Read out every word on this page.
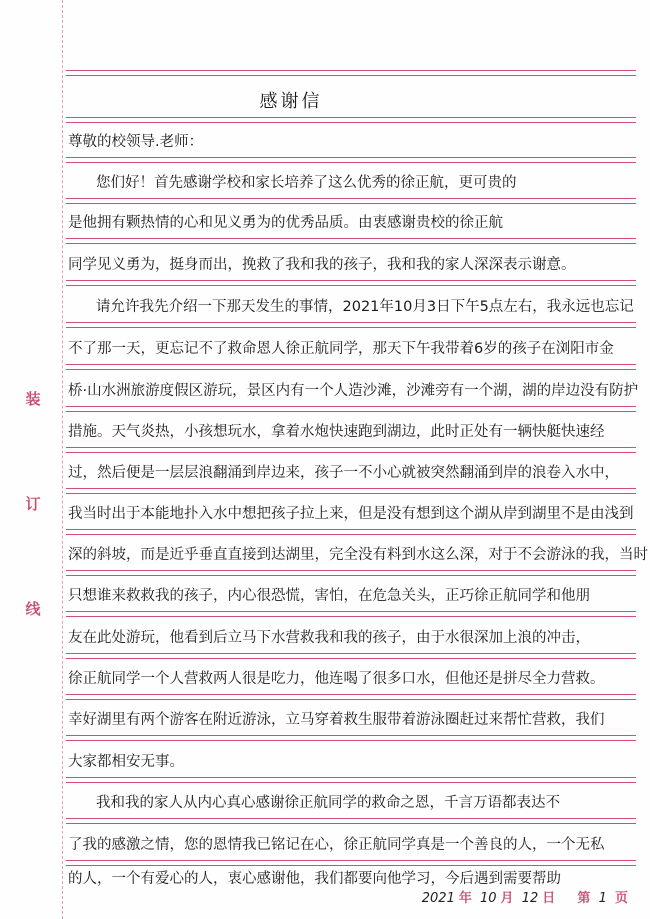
装
订
线
感谢信
尊敬的校领导.老师：
您们好！首先感谢学校和家长培养了这么优秀的徐正航，更可贵的
是他拥有颗热情的心和见义勇为的优秀品质。由衷感谢贵校的徐正航
同学见义勇为，挺身而出，挽救了我和我的孩子，我和我的家人深深表示谢意。
请允许我先介绍一下那天发生的事情，2021年10月3日下午5点左右，我永远也忘记
不了那一天，更忘记不了救命恩人徐正航同学，那天下午我带着6岁的孩子在浏阳市金
桥·山水洲旅游度假区游玩，景区内有一个人造沙滩，沙滩旁有一个湖，湖的岸边没有防护
措施。天气炎热，小孩想玩水，拿着水炮快速跑到湖边，此时正处有一辆快艇快速经
过，然后便是一层层浪翻涌到岸边来，孩子一不小心就被突然翻涌到岸的浪卷入水中，
我当时出于本能地扑入水中想把孩子拉上来，但是没有想到这个湖从岸到湖里不是由浅到
深的斜坡，而是近乎垂直直接到达湖里，完全没有料到水这么深，对于不会游泳的我，当时
只想谁来救救我的孩子，内心很恐慌，害怕，在危急关头，正巧徐正航同学和他朋
友在此处游玩，他看到后立马下水营救我和我的孩子，由于水很深加上浪的冲击，
徐正航同学一个人营救两人很是吃力，他连喝了很多口水，但他还是拼尽全力营救。
幸好湖里有两个游客在附近游泳，立马穿着救生服带着游泳圈赶过来帮忙营救，我们
大家都相安无事。
我和我的家人从内心真心感谢徐正航同学的救命之恩，千言万语都表达不
了我的感激之情，您的恩情我已铭记在心，徐正航同学真是一个善良的人，一个无私
的人，一个有爱心的人，衷心感谢他，我们都要向他学习，今后遇到需要帮助
2021 年 10 月 12 日 第 1 页
